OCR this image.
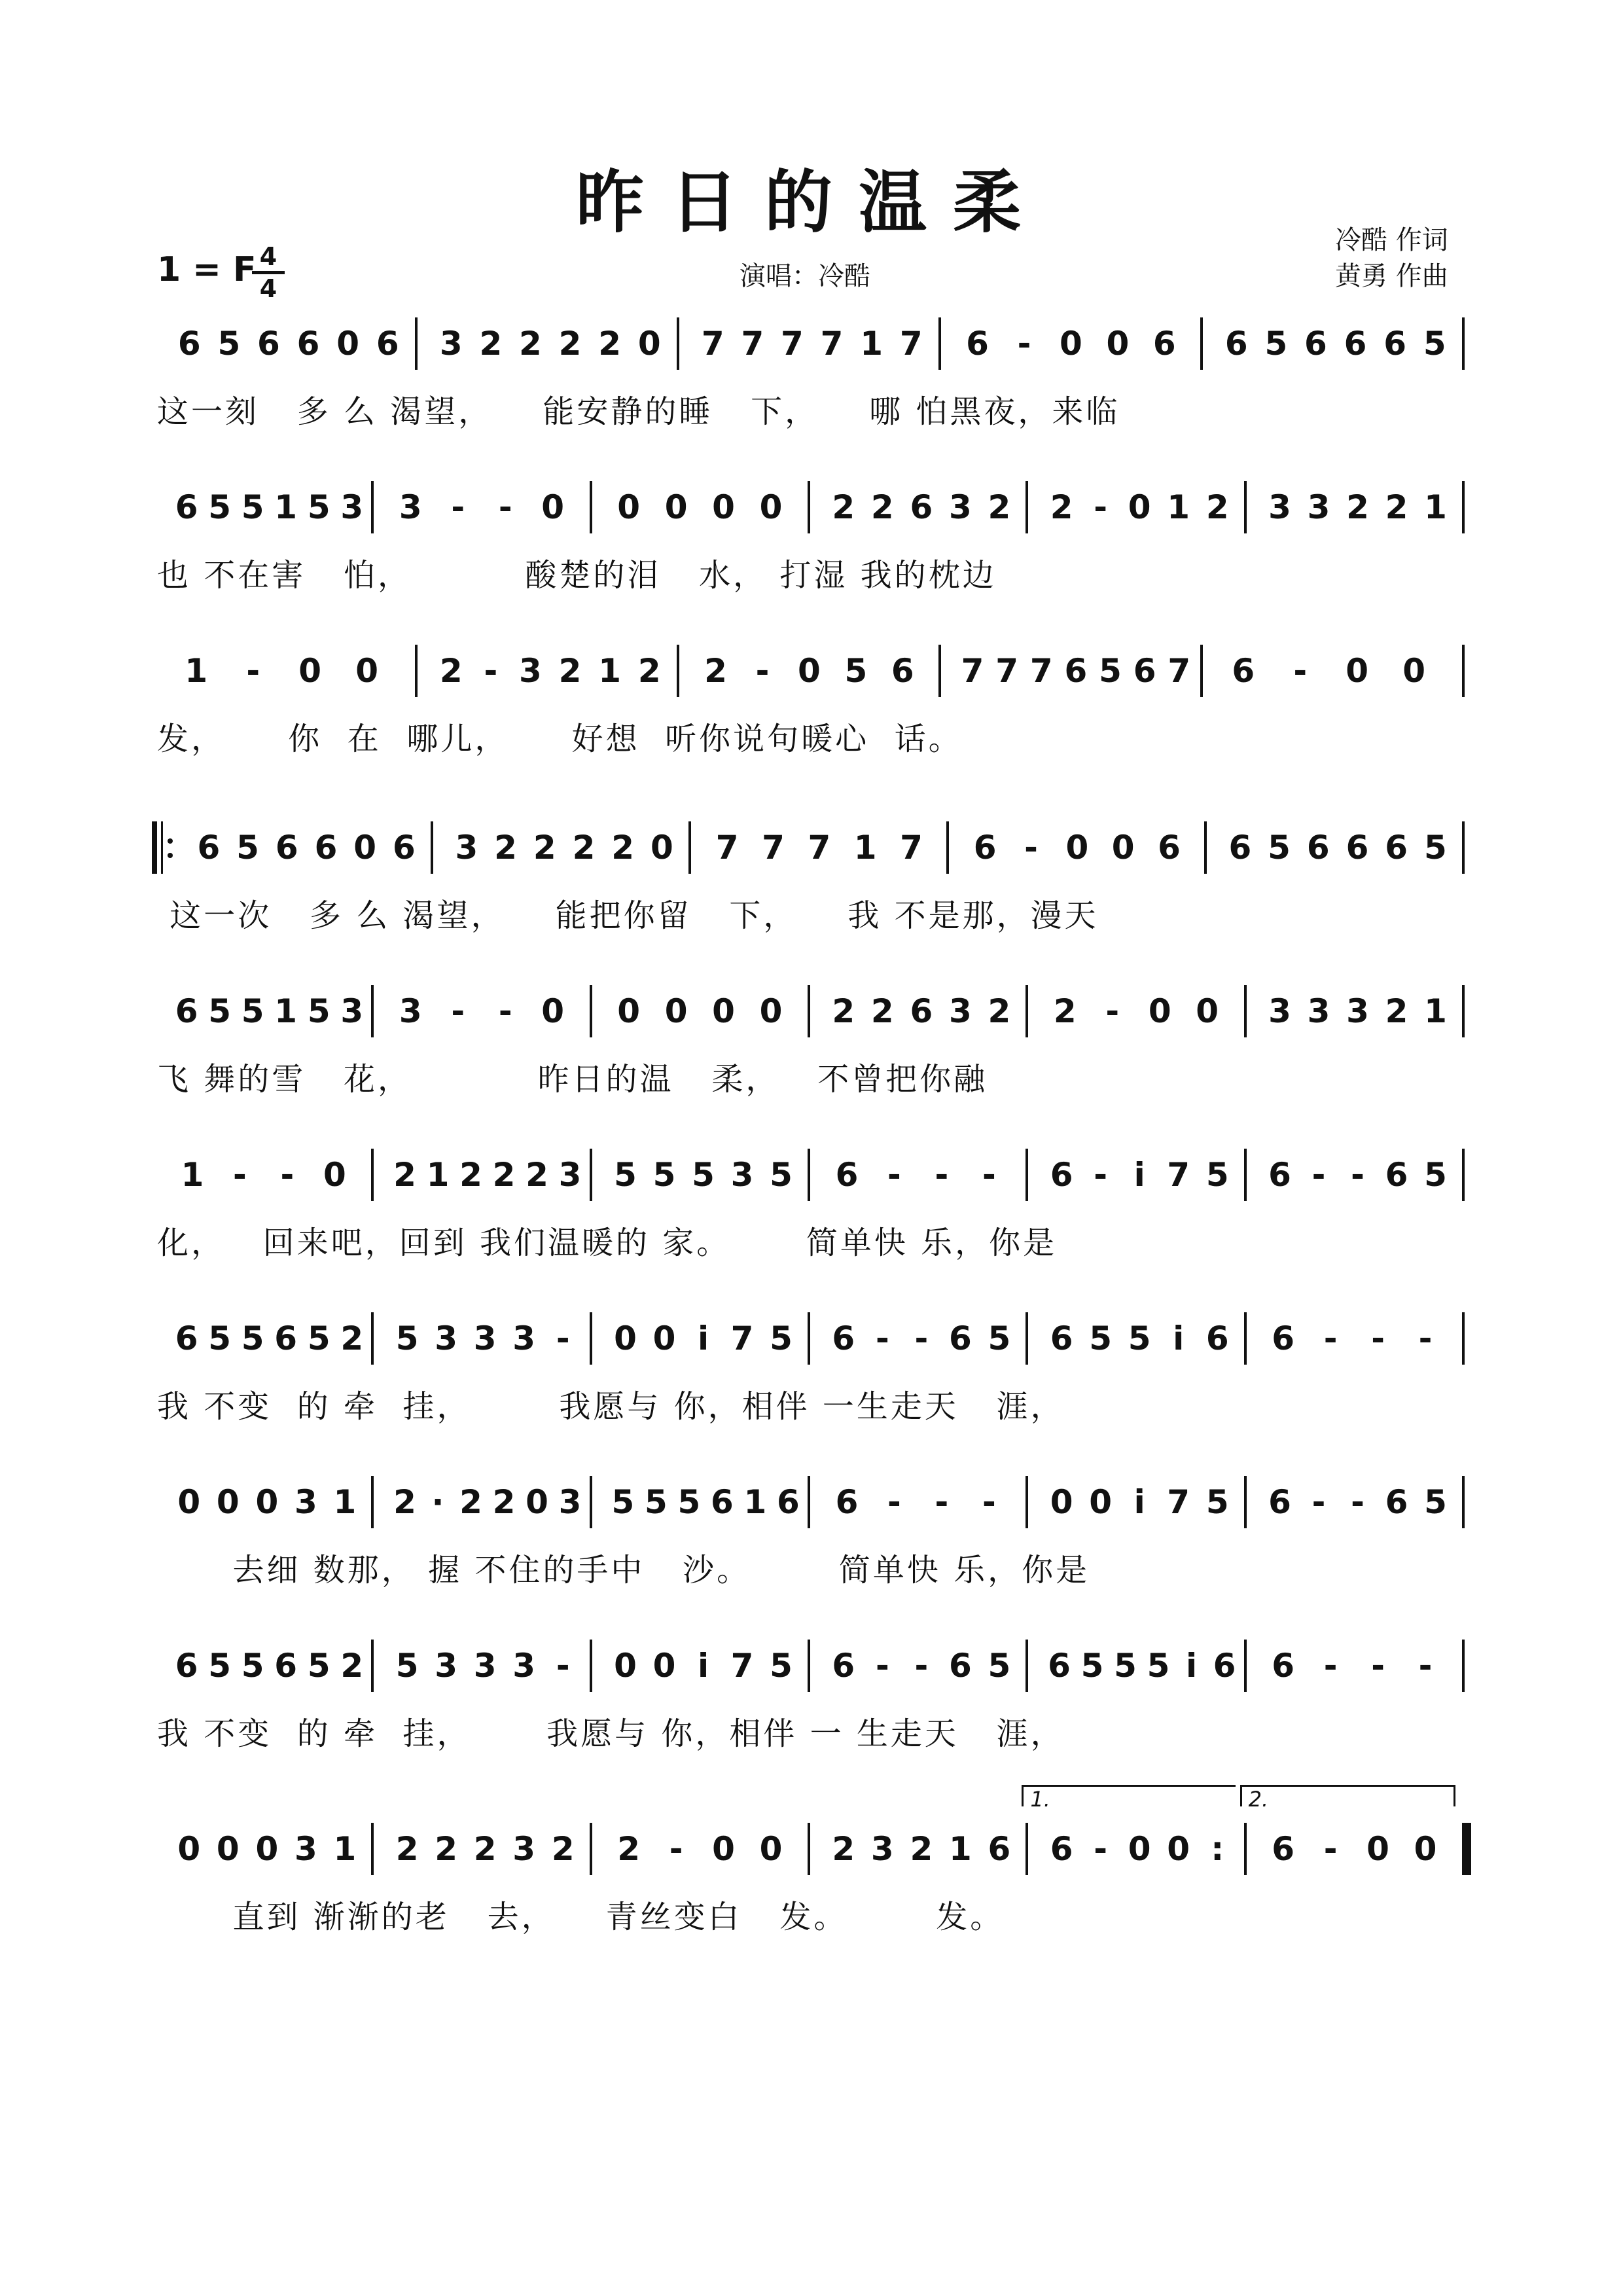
昨日的温柔
演唱：冷酷
冷酷 作词
黄勇 作曲
1 = F 4
4
6 5 6 6 0 6 3 2 2 2 2 0 7 7 7 7 1 7 6 - 0 0 6 6 5 6 6 6 5
6 5 5 1 5 3 3 - - 0 0 0 0 0 2 2 6 3 2 2 - 0 1 2 3 3 2 2 1
1 - 0 0 2 - 3 2 1 2 2 - 0 5 6 7 7 7 6 5 6 7 6 - 0 0
6 5 6 6 0 6 3 2 2 2 2 0 7 7 7 1 7 6 - 0 0 6 6 5 6 6 6 5
6 5 5 1 5 3 3 - - 0 0 0 0 0 2 2 6 3 2 2 - 0 0 3 3 3 2 1
1 - - 0 2 1 2 2 2 3 5 5 5 3 5 6 - - - 6 - i 7 5 6 - - 6 5
6 5 5 6 5 2 5 3 3 3 - 0 0 i 7 5 6 - - 6 5 6 5 5 i 6 6 - - -
0 0 0 3 1 2 · 2 2 0 3 5 5 5 6 1 6 6 - - - 0 0 i 7 5 6 - - 6 5
6 5 5 6 5 2 5 3 3 3 - 0 0 i 7 5 6 - - 6 5 6 5 5 5 i 6 6 - - -
0 0 0 3 1 2 2 2 3 2 2 - 0 0 2 3 2 1 6 6 - 0 0 :	6 - 0 0
1.	2.
这一刻   多 么 渴望，    能安静的睡   下，    哪 怕黑夜，来临
也 不在害   怕，         酸楚的泪   水， 打湿 我的枕边
发，     你  在  哪儿，     好想  听你说句暖心  话。
这一次   多 么 渴望，    能把你留   下，    我 不是那，漫天
飞 舞的雪   花，          昨日的温   柔，   不曾把你融
化，   回来吧，回到 我们温暖的 家。      简单快 乐，你是
我 不变  的 牵  挂，       我愿与 你，相伴 一生走天   涯，
去细 数那， 握 不住的手中   沙。       简单快 乐，你是
我 不变  的 牵  挂，      我愿与 你，相伴 一 生走天   涯，
直到 渐渐的老   去，    青丝变白   发。       发。
